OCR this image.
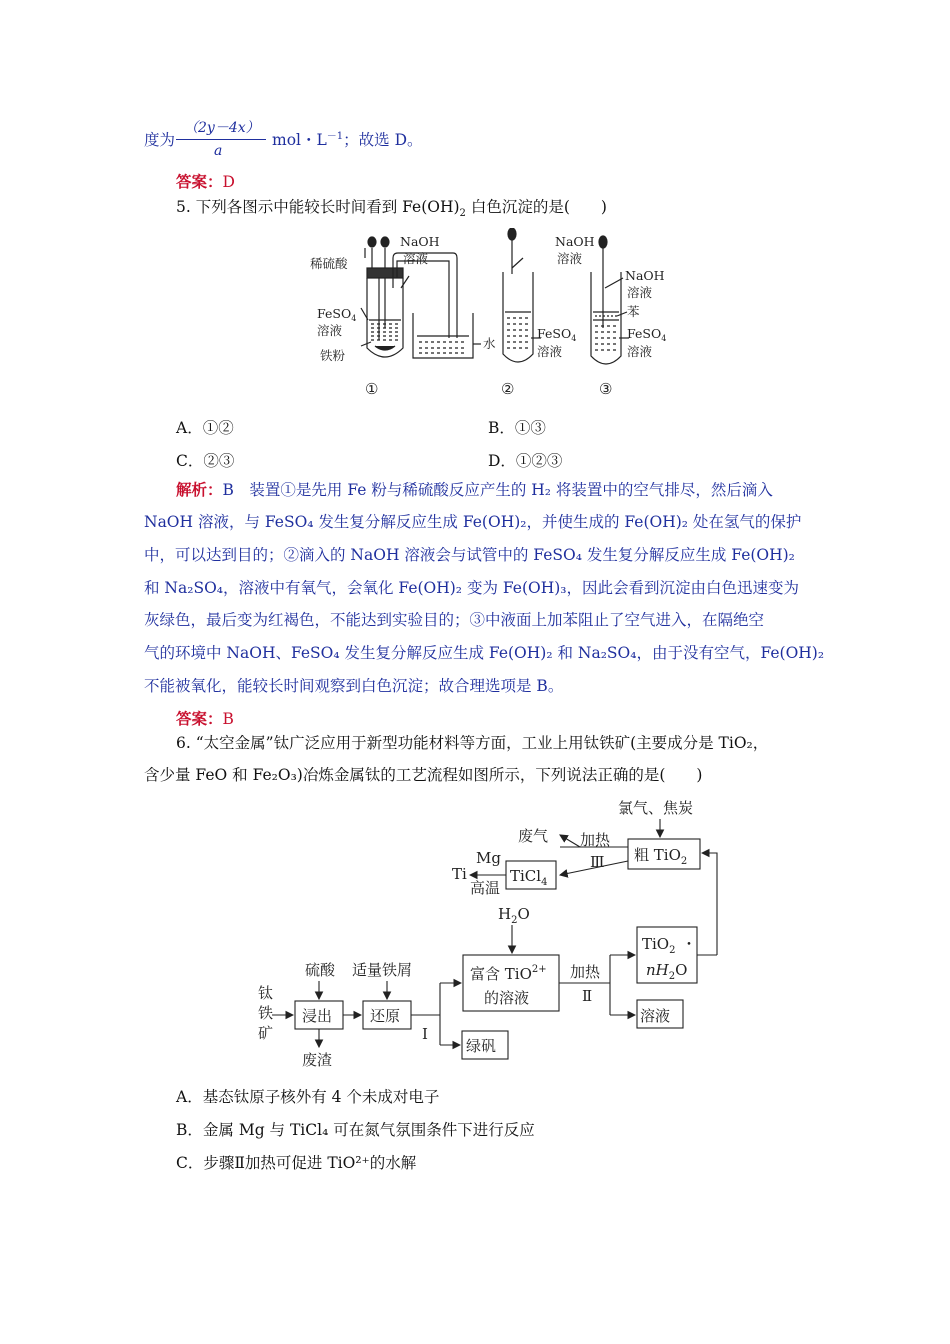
度为
（2y－4x）
a
mol・$L^{-1}$；故选 D。
答案：D
5. 下列各图示中能较长时间看到 $Fe(OH)_2$ 白色沉淀的是(　　)
稀硫酸
NaOH
溶液
FeSO$_4$
溶液
铁粉
水
NaOH
溶液
FeSO$_4$
溶液
NaOH
溶液
苯
FeSO$_4$
溶液
①	②	③
A．①②	B．①③
C．②③	D．①②③
解析：B　装置①是先用 Fe 粉与稀硫酸反应产生的 H₂ 将装置中的空气排尽，然后滴入
NaOH 溶液，与 FeSO₄ 发生复分解反应生成 Fe(OH)₂，并使生成的 Fe(OH)₂ 处在氢气的保护
中，可以达到目的；②滴入的 NaOH 溶液会与试管中的 FeSO₄ 发生复分解反应生成 Fe(OH)₂
和 Na₂SO₄，溶液中有氧气，会氧化 Fe(OH)₂ 变为 Fe(OH)₃，因此会看到沉淀由白色迅速变为
灰绿色，最后变为红褐色，不能达到实验目的；③中液面上加苯阻止了空气进入，在隔绝空
气的环境中 NaOH、FeSO₄ 发生复分解反应生成 Fe(OH)₂ 和 Na₂SO₄，由于没有空气，Fe(OH)₂
不能被氧化，能较长时间观察到白色沉淀；故合理选项是 B。
答案：B
6. “太空金属”钛广泛应用于新型功能材料等方面，工业上用钛铁矿(主要成分是 TiO₂，
含少量 FeO 和 Fe₂O₃)冶炼金属钛的工艺流程如图所示，下列说法正确的是(　　)
氯气、焦炭
废气 加热
Ⅲ 粗 TiO$_2$
Ti
Mg
高温
TiCl$_4$
$H_2O$
富含 TiO$^{2+}$
的溶液
加热
Ⅱ
TiO$_2$ ・
$nH_2O$
溶液
硫酸 适量铁屑
钛
铁
矿
浸出	还原
Ⅰ
废渣
绿矾
A．基态钛原子核外有 4 个未成对电子
B．金属 Mg 与 TiCl₄ 可在氮气氛围条件下进行反应
C．步骤Ⅱ加热可促进 TiO²⁺的水解
